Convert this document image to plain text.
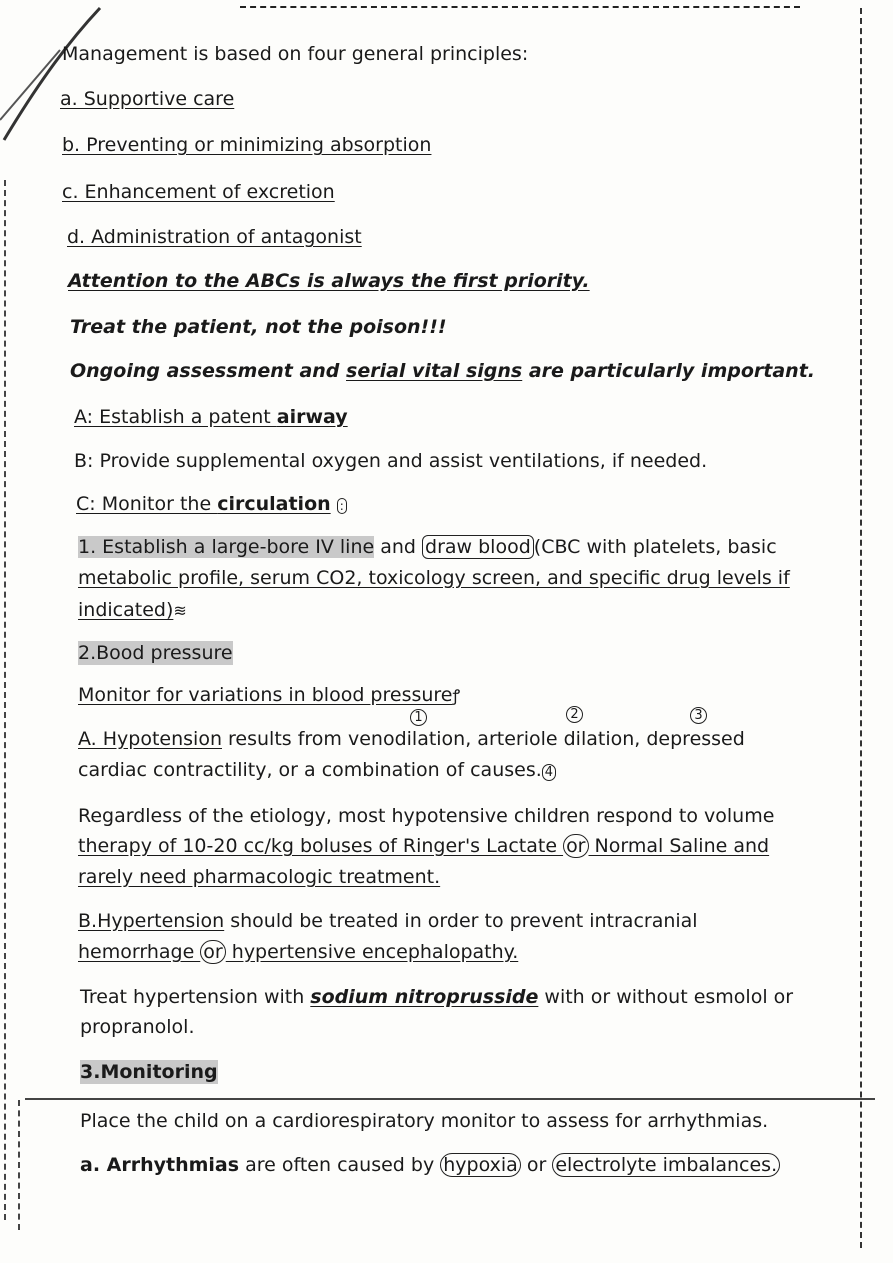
Management is based on four general principles:
a. Supportive care
b. Preventing or minimizing absorption
c. Enhancement of excretion
d. Administration of antagonist
Attention to the ABCs is always the first priority.
Treat the patient, not the poison!!!
Ongoing assessment and serial vital signs are particularly important.
A: Establish a patent airway
B: Provide supplemental oxygen and assist ventilations, if needed.
C: Monitor the circulation :
1. Establish a large-bore IV line and draw blood (CBC with platelets, basic
metabolic profile, serum CO2, toxicology screen, and specific drug levels if
indicated)≋
2.Bood pressure
Monitor for variations in blood pressureꝭ
1	2	3
A. Hypotension results from venodilation, arteriole dilation, depressed
cardiac contractility, or a combination of causes. 4
Regardless of the etiology, most hypotensive children respond to volume
therapy of 10-20 cc/kg boluses of Ringer's Lactate or Normal Saline and
rarely need pharmacologic treatment.
B.Hypertension should be treated in order to prevent intracranial
hemorrhage or hypertensive encephalopathy.
Treat hypertension with sodium nitroprusside with or without esmolol or
propranolol.
3.Monitoring
Place the child on a cardiorespiratory monitor to assess for arrhythmias.
a. Arrhythmias are often caused by hypoxia or electrolyte imbalances.
